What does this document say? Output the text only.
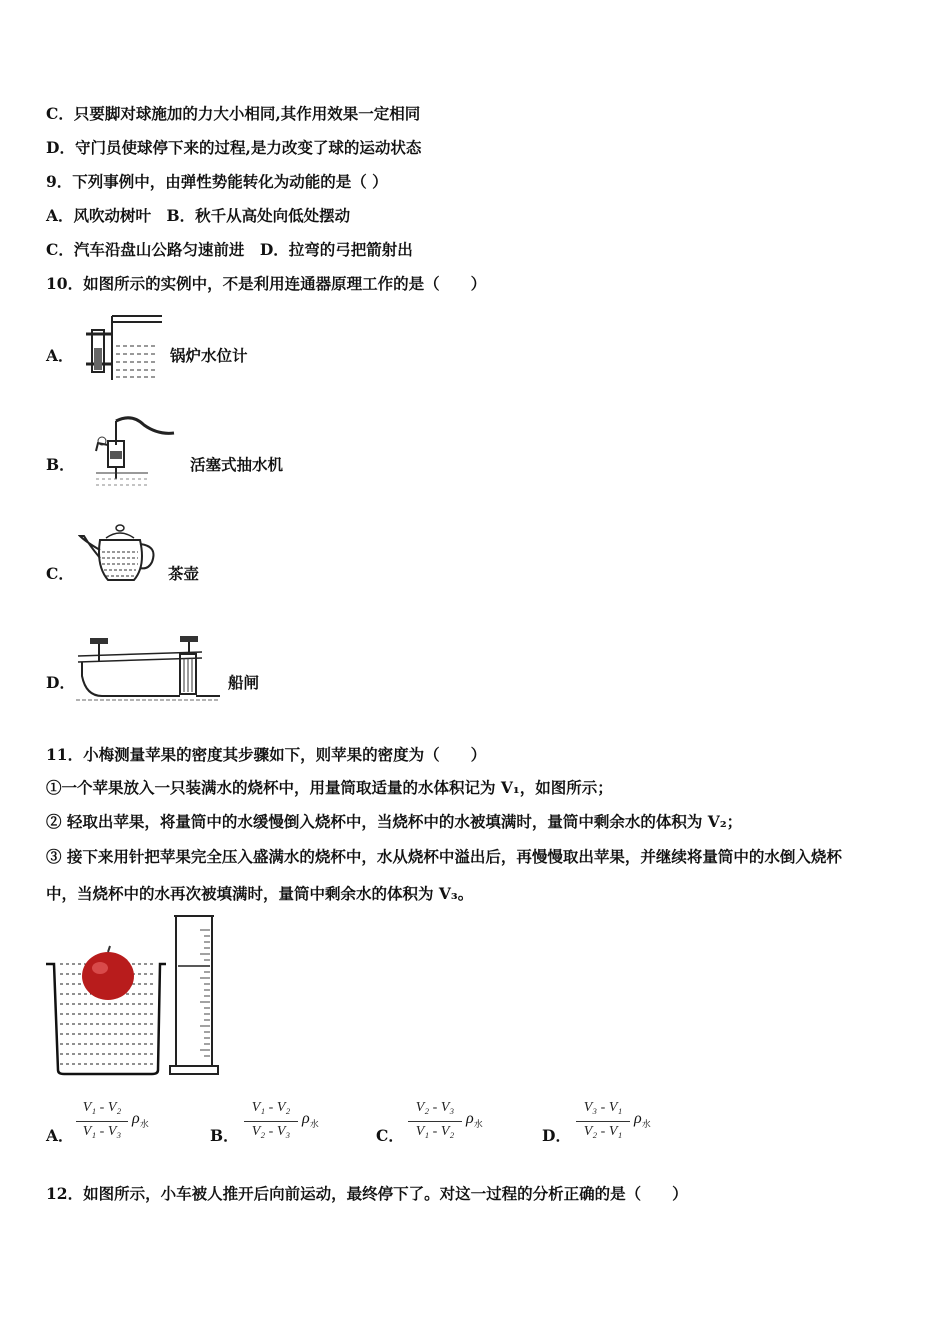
C．只要脚对球施加的力大小相同,其作用效果一定相同
D．守门员使球停下来的过程,是力改变了球的运动状态
9．下列事例中，由弹性势能转化为动能的是（ ）
A．风吹动树叶　B．秋千从高处向低处摆动
C．汽车沿盘山公路匀速前进　D．拉弯的弓把箭射出
10．如图所示的实例中，不是利用连通器原理工作的是（　　）
A．	锅炉水位计
B．	活塞式抽水机
C．	茶壶
D．	船闸
11．小梅测量苹果的密度其步骤如下，则苹果的密度为（　　）
①一个苹果放入一只装满水的烧杯中，用量筒取适量的水体积记为 V₁，如图所示；
② 轻取出苹果，将量筒中的水缓慢倒入烧杯中，当烧杯中的水被填满时，量筒中剩余水的体积为 V₂；
③ 接下来用针把苹果完全压入盛满水的烧杯中，水从烧杯中溢出后，再慢慢取出苹果，并继续将量筒中的水倒入烧杯
中，当烧杯中的水再次被填满时，量筒中剩余水的体积为 V₃。
A．
V₁ - V₂
V₁ - V₃
$\rho_水$
B．
V₁ - V₂
V₂ - V₃
$\rho_水$
C．
V₂ - V₃
V₁ - V₂
$\rho_水$
D．
V₃ - V₁
V₂ - V₁
$\rho_水$
12．如图所示，小车被人推开后向前运动，最终停下了。对这一过程的分析正确的是（　　）
